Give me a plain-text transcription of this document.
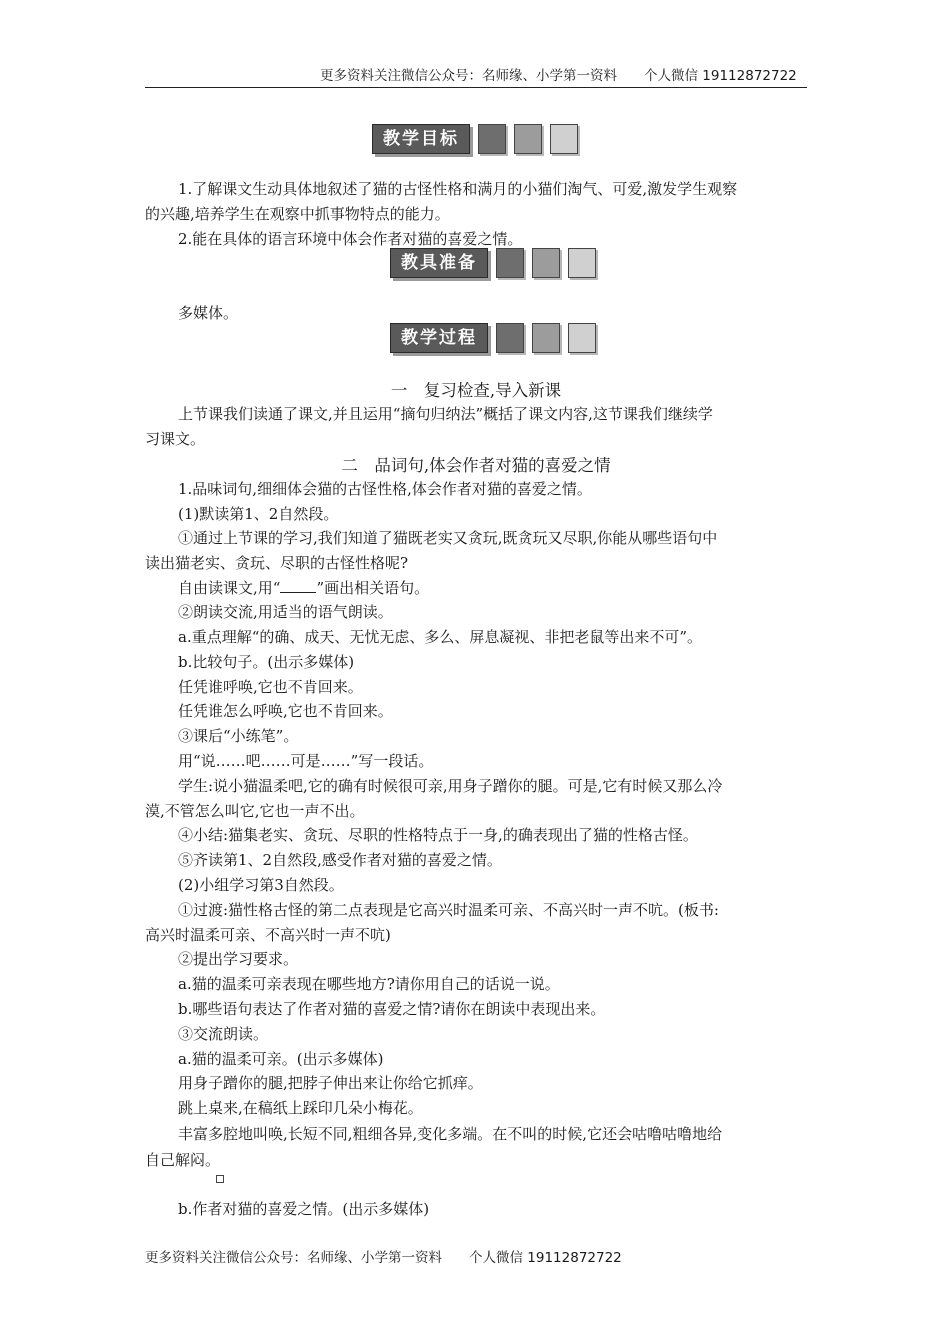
更多资料关注微信公众号：名师缘、小学第一资料　　个人微信 19112872722
教学目标
教具准备
教学过程
1.了解课文生动具体地叙述了猫的古怪性格和满月的小猫们淘气、可爱,激发学生观察
的兴趣,培养学生在观察中抓事物特点的能力。
2.能在具体的语言环境中体会作者对猫的喜爱之情。
多媒体。
一　复习检查,导入新课
上节课我们读通了课文,并且运用“摘句归纳法”概括了课文内容,这节课我们继续学
习课文。
二　品词句,体会作者对猫的喜爱之情
1.品味词句,细细体会猫的古怪性格,体会作者对猫的喜爱之情。
(1)默读第1、2自然段。
①通过上节课的学习,我们知道了猫既老实又贪玩,既贪玩又尽职,你能从哪些语句中
读出猫老实、贪玩、尽职的古怪性格呢?
自由读课文,用“ ”画出相关语句。
②朗读交流,用适当的语气朗读。
a.重点理解“的确、成天、无忧无虑、多么、屏息凝视、非把老鼠等出来不可”。
b.比较句子。(出示多媒体)
任凭谁呼唤,它也不肯回来。
任凭谁怎么呼唤,它也不肯回来。
③课后“小练笔”。
用“说……吧……可是……”写一段话。
学生:说小猫温柔吧,它的确有时候很可亲,用身子蹭你的腿。可是,它有时候又那么冷
漠,不管怎么叫它,它也一声不出。
④小结:猫集老实、贪玩、尽职的性格特点于一身,的确表现出了猫的性格古怪。
⑤齐读第1、2自然段,感受作者对猫的喜爱之情。
(2)小组学习第3自然段。
①过渡:猫性格古怪的第二点表现是它高兴时温柔可亲、不高兴时一声不吭。(板书:
高兴时温柔可亲、不高兴时一声不吭)
②提出学习要求。
a.猫的温柔可亲表现在哪些地方?请你用自己的话说一说。
b.哪些语句表达了作者对猫的喜爱之情?请你在朗读中表现出来。
③交流朗读。
a.猫的温柔可亲。(出示多媒体)
用身子蹭你的腿,把脖子伸出来让你给它抓痒。
跳上桌来,在稿纸上踩印几朵小梅花。
丰富多腔地叫唤,长短不同,粗细各异,变化多端。在不叫的时候,它还会咕噜咕噜地给
自己解闷。
b.作者对猫的喜爱之情。(出示多媒体)
更多资料关注微信公众号：名师缘、小学第一资料　　个人微信 19112872722
